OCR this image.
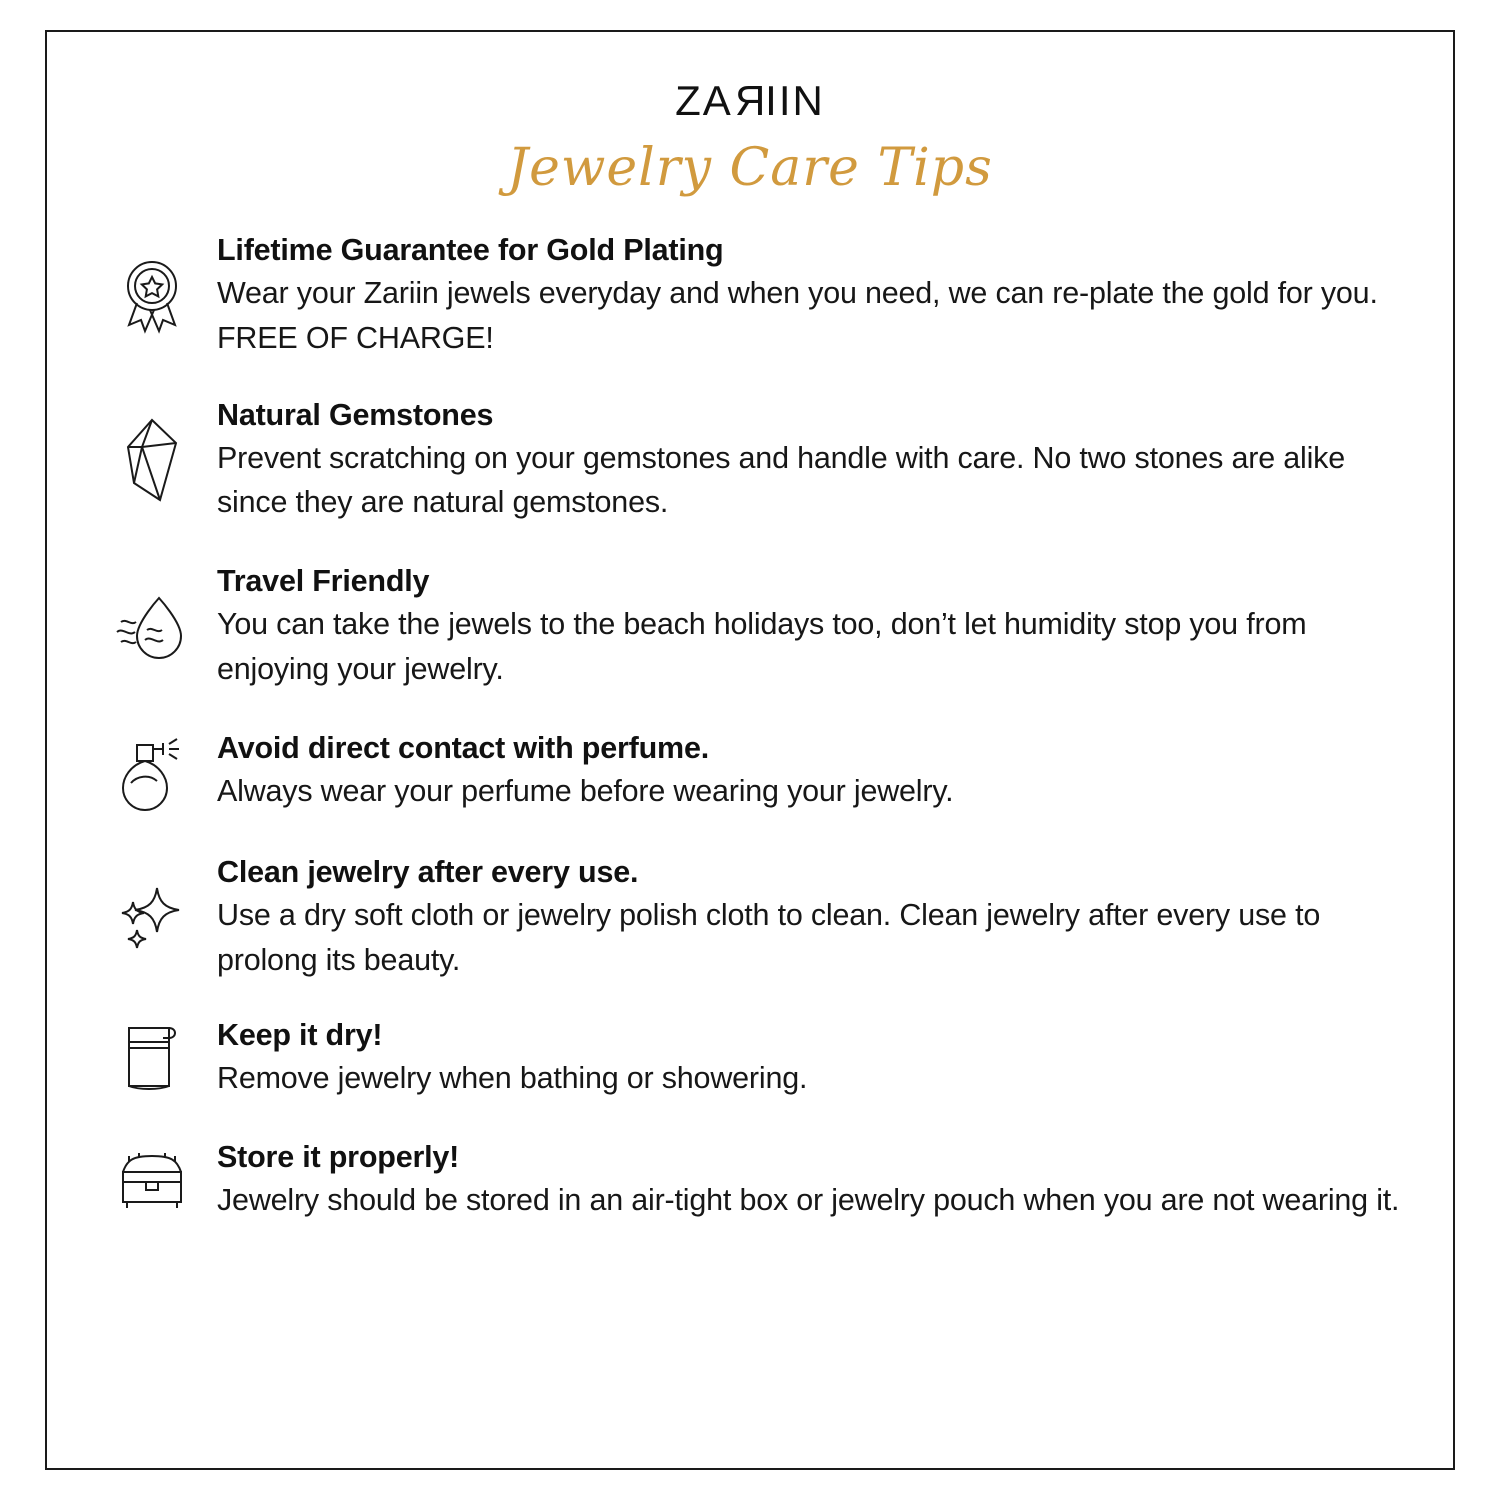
ZARIIN
Jewelry Care Tips
Lifetime Guarantee for Gold Plating

Wear your Zariin jewels everyday and when you need, we can re-plate the gold for you. FREE OF CHARGE!

Natural Gemstones

Prevent scratching on your gemstones and handle with care. No two stones are alike since they are natural gemstones.

Travel Friendly

You can take the jewels to the beach holidays too, don’t let humidity stop you from enjoying your jewelry.

Avoid direct contact with perfume.

Always wear your perfume before wearing your jewelry.

Clean jewelry after every use.

Use a dry soft cloth or jewelry polish cloth to clean. Clean jewelry after every use to prolong its beauty.

Keep it dry!

Remove jewelry when bathing or showering.

Store it properly!

Jewelry should be stored in an air-tight box or jewelry pouch when you are not wearing it.
